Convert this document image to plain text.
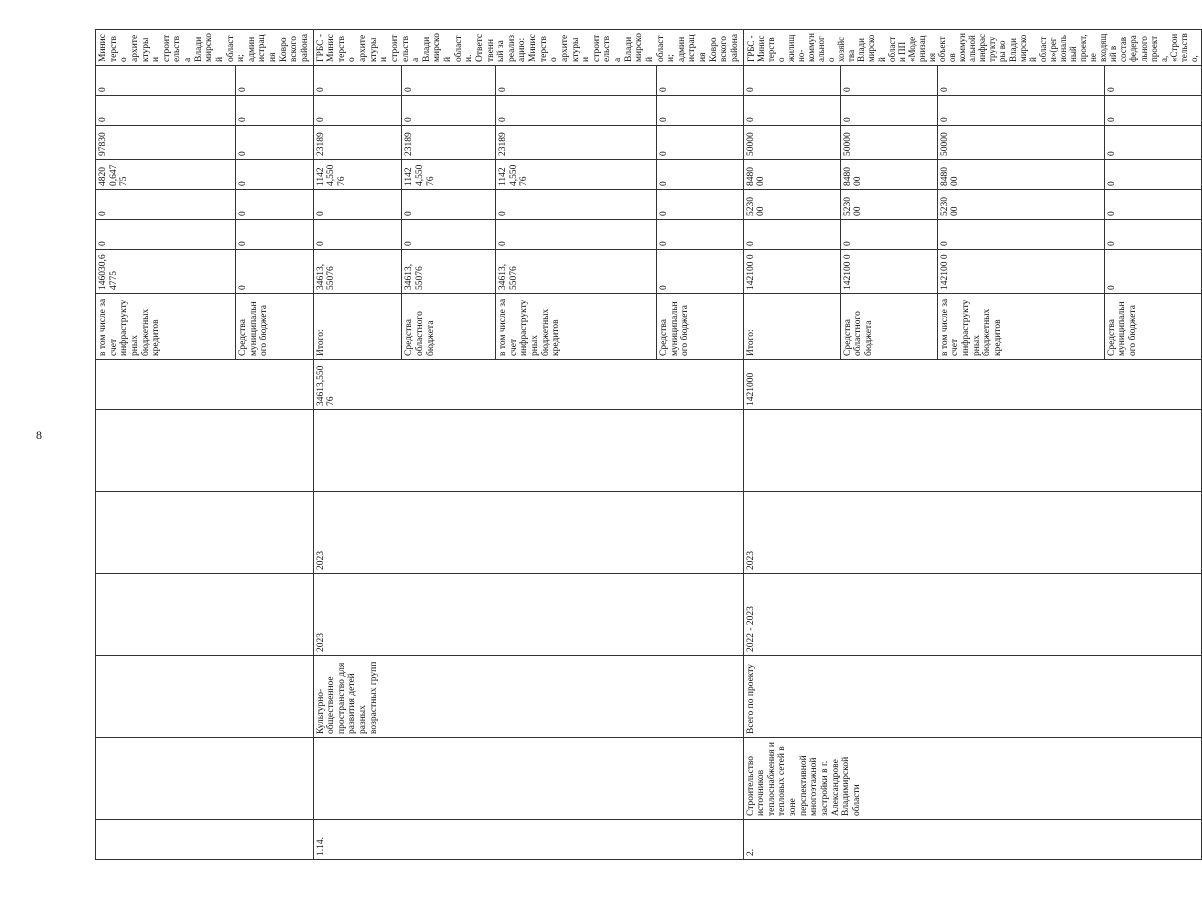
8
							в том числе за счет инфраструктурных бюджетных кредитов	146030,64775	0	0	4820 0,647 75	97830	0	0	Министерство архитектуры и строительства Владимирской области; администрация Ковровского района
							Средства муниципального бюджета	0	0	0	0	0	0	0	
1.14.		Культурно-общественное пространство для развития детей разных возрастных групп	2023	2023		34613,55076	Итого:	34613, 55076	0	0	1142 4,550 76	23189	0	0	ГРБС - Министерство архитектуры и строительства Владимирской области. Ответственный за реализацию: Министерство архитектуры и строительства Владимирской области; администрация Ковровского района
							Средства областного бюджета	34613, 55076	0	0	1142 4,550 76	23189	0	0	
							в том числе за счет инфраструктурных бюджетных кредитов	34613, 55076	0	0	1142 4,550 76	23189	0	0	
							Средства муниципального бюджета	0	0	0	0	0	0	0	
2.	Строительство источников теплоснабжения и тепловых сетей в зоне перспективной многоэтажной застройки в г. Александрове Владимирской области	Всего по проекту	2022 - 2023	2023		1421000	Итого:	142100 0	0	5230 00	8480 00	50000	0	0	ГРБС - Министерство жилищно-коммунального хозяйства Владимирской области ПП «Модернизация объектов коммунальной инфраструктуры во Владимирской области»(региональный проект, не входящий в состав федерального проекта, «Строительство,
							Средства областного бюджета	142100 0	0	5230 00	8480 00	50000	0	0	
							в том числе за счет инфраструктурных бюджетных кредитов	142100 0	0	5230 00	8480 00	50000	0	0	
							Средства муниципального бюджета	0	0	0	0	0	0	0	
